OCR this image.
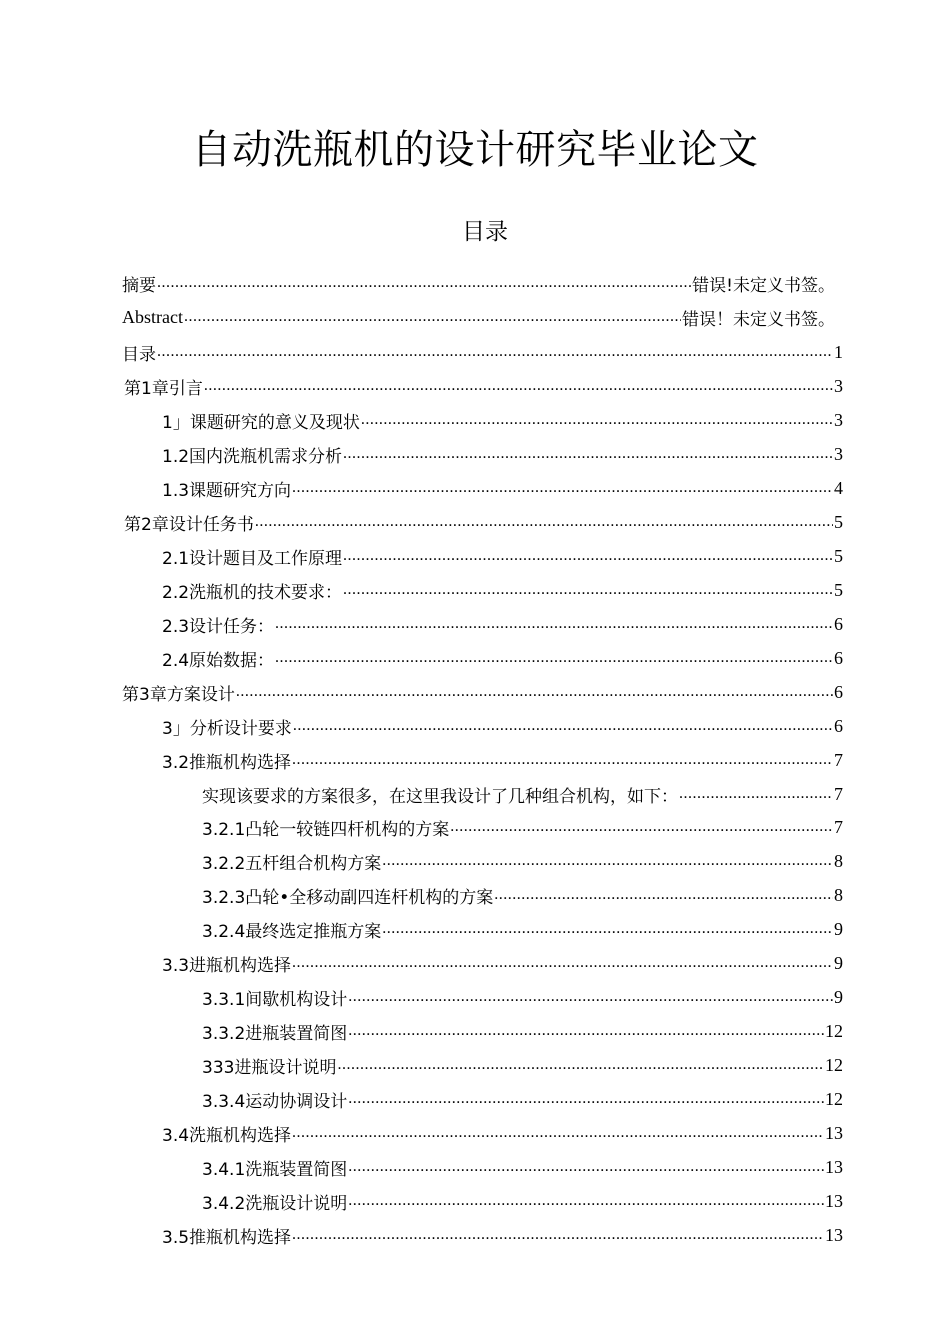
自动洗瓶机的设计研究毕业论文
目录
摘要 .....	错误!未定义书签。
Abstract .....	错误！未定义书签。
目录 .....	1
第1章引言 .....	3
1」课题研究的意义及现状 .....	3
1.2国内洗瓶机需求分析 .....	3
1.3课题研究方向 .....	4
第2章设计任务书 .....	5
2.1设计题目及工作原理 .....	5
2.2洗瓶机的技术要求： .....	5
2.3设计任务： .....	6
2.4原始数据： .....	6
第3章方案设计 .....	6
3」分析设计要求 .....	6
3.2推瓶机构选择 .....	7
实现该要求的方案很多，在这里我设计了几种组合机构，如下： .....	7
3.2.1凸轮一较链四杆机构的方案 .....	7
3.2.2五杆组合机构方案 .....	8
3.2.3凸轮•全移动副四连杆机构的方案 .....	8
3.2.4最终选定推瓶方案 .....	9
3.3进瓶机构选择 .....	9
3.3.1间歇机构设计 .....	9
3.3.2进瓶装置简图 .....	12
333进瓶设计说明 .....	12
3.3.4运动协调设计 .....	12
3.4洗瓶机构选择 .....	13
3.4.1洗瓶装置简图 .....	13
3.4.2洗瓶设计说明 .....	13
3.5推瓶机构选择 .....	13
